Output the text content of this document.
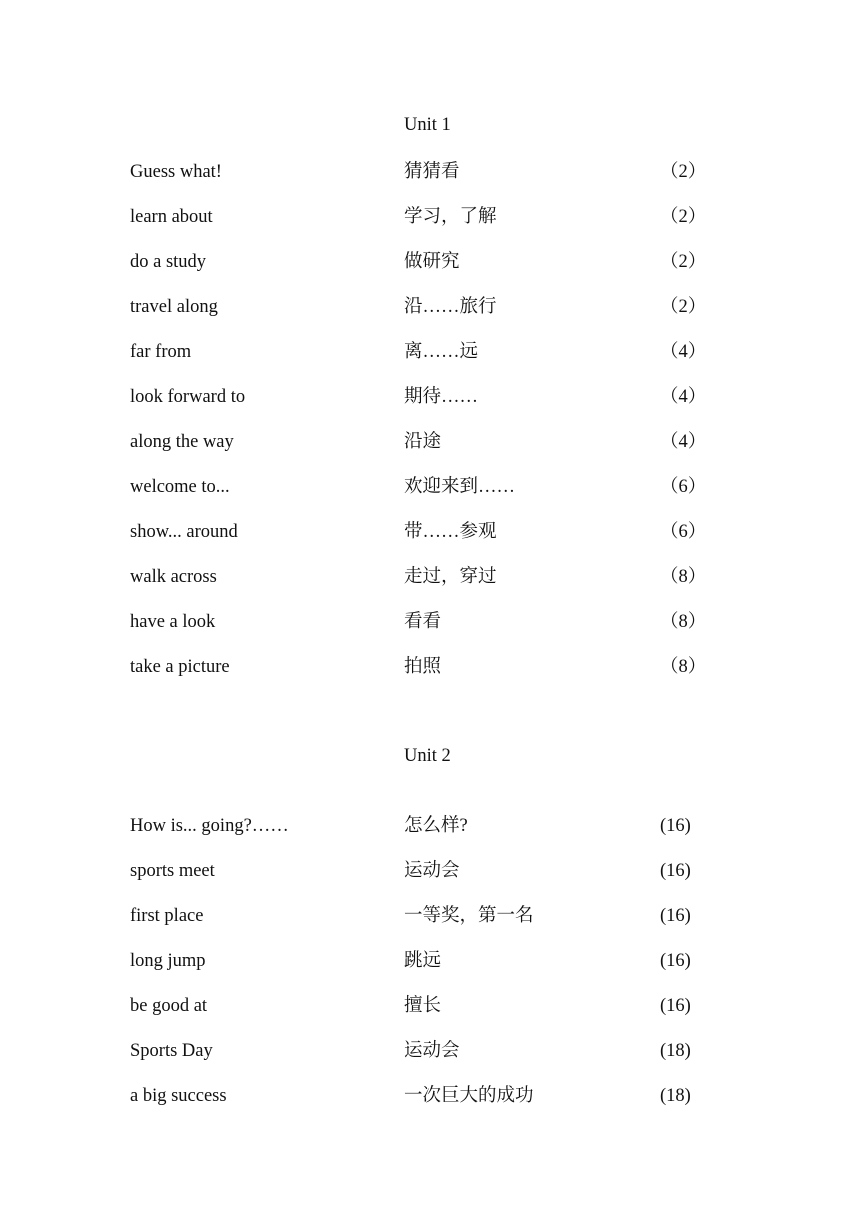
Unit 1
Guess what!	猜猜看	（2）
learn about	学习，了解	（2）
do a study	做研究	（2）
travel along	沿……旅行	（2）
far from	离……远	（4）
look forward to	期待……	（4）
along the way	沿途	（4）
welcome to...	欢迎来到……	（6）
show... around	带……参观	（6）
walk across	走过，穿过	（8）
have a look	看看	（8）
take a picture	拍照	（8）
Unit 2
How is... going?……	怎么样?	(16)
sports meet	运动会	(16)
first place	一等奖，第一名	(16)
long jump	跳远	(16)
be good at	擅长	(16)
Sports Day	运动会	(18)
a big success	一次巨大的成功	(18)
